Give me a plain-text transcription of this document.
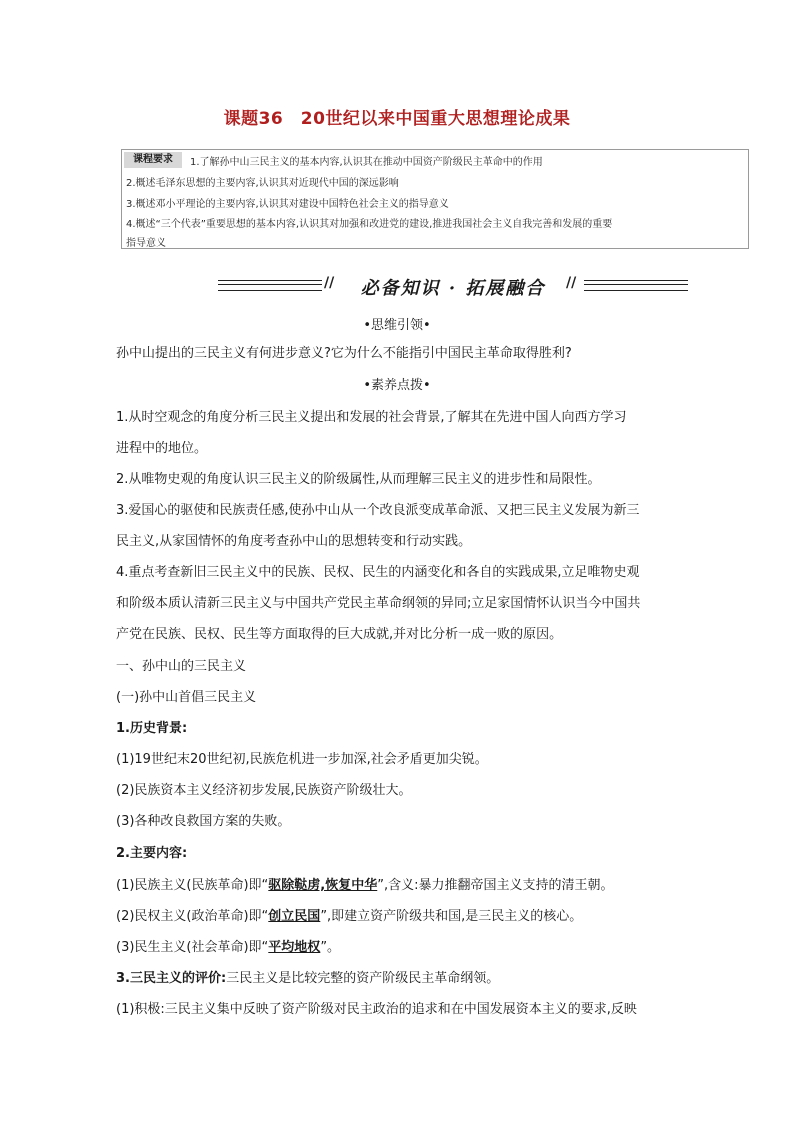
课题36　20世纪以来中国重大思想理论成果
课程要求	1.了解孙中山三民主义的基本内容,认识其在推动中国资产阶级民主革命中的作用
2.概述毛泽东思想的主要内容,认识其对近现代中国的深远影响
3.概述邓小平理论的主要内容,认识其对建设中国特色社会主义的指导意义
4.概述“三个代表”重要思想的基本内容,认识其对加强和改进党的建设,推进我国社会主义自我完善和发展的重要
指导意义
//	必备知识 · 拓展融合	//
•思维引领•
孙中山提出的三民主义有何进步意义?它为什么不能指引中国民主革命取得胜利?
•素养点拨•
1.从时空观念的角度分析三民主义提出和发展的社会背景,了解其在先进中国人向西方学习
进程中的地位。
2.从唯物史观的角度认识三民主义的阶级属性,从而理解三民主义的进步性和局限性。
3.爱国心的驱使和民族责任感,使孙中山从一个改良派变成革命派、又把三民主义发展为新三
民主义,从家国情怀的角度考查孙中山的思想转变和行动实践。
4.重点考查新旧三民主义中的民族、民权、民生的内涵变化和各自的实践成果,立足唯物史观
和阶级本质认清新三民主义与中国共产党民主革命纲领的异同;立足家国情怀认识当今中国共
产党在民族、民权、民生等方面取得的巨大成就,并对比分析一成一败的原因。
一、孙中山的三民主义
(一)孙中山首倡三民主义
1.历史背景:
(1)19世纪末20世纪初,民族危机进一步加深,社会矛盾更加尖锐。
(2)民族资本主义经济初步发展,民族资产阶级壮大。
(3)各种改良救国方案的失败。
2.主要内容:
(1)民族主义(民族革命)即“驱除鞑虏,恢复中华”,含义:暴力推翻帝国主义支持的清王朝。
(2)民权主义(政治革命)即“创立民国”,即建立资产阶级共和国,是三民主义的核心。
(3)民生主义(社会革命)即“平均地权”。
3.三民主义的评价:三民主义是比较完整的资产阶级民主革命纲领。
(1)积极:三民主义集中反映了资产阶级对民主政治的追求和在中国发展资本主义的要求,反映
